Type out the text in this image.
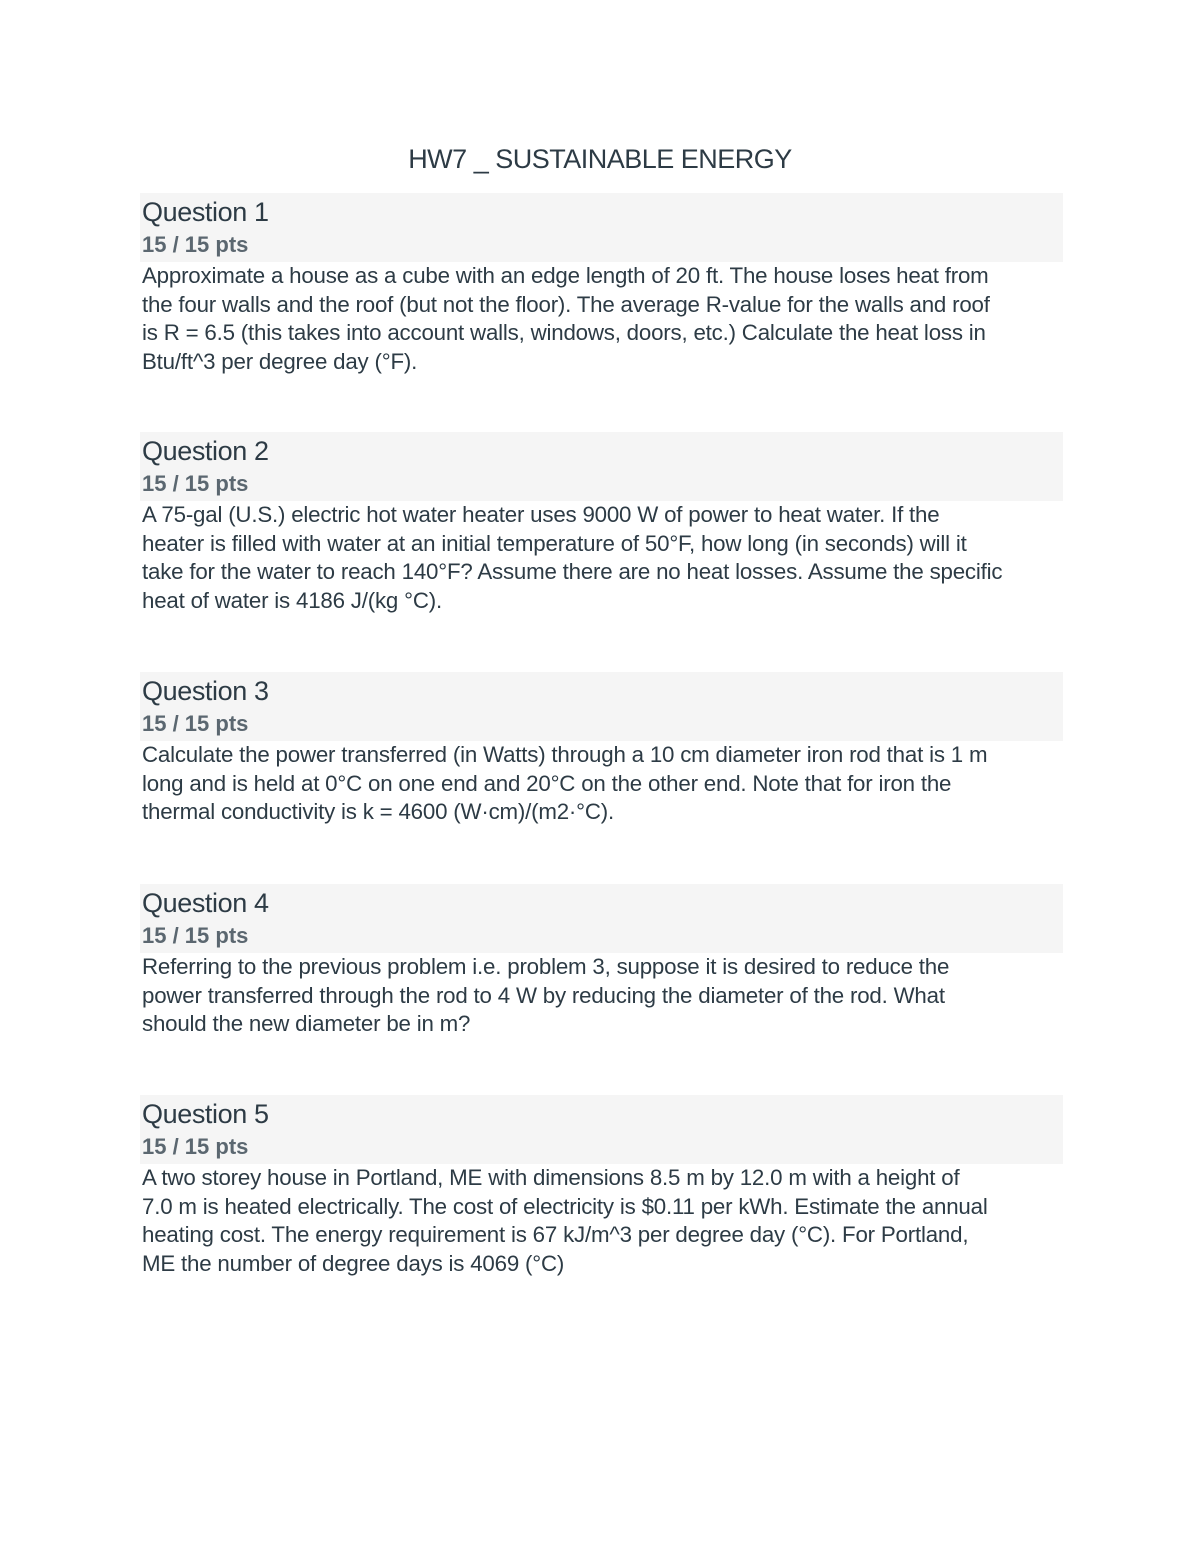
HW7 _ SUSTAINABLE ENERGY
Question 1
15 / 15 pts
Approximate a house as a cube with an edge length of 20 ft. The house loses heat from
the four walls and the roof (but not the floor). The average R-value for the walls and roof
is R = 6.5 (this takes into account walls, windows, doors, etc.) Calculate the heat loss in
Btu/ft^3 per degree day (°F).
Question 2
15 / 15 pts
A 75-gal (U.S.) electric hot water heater uses 9000 W of power to heat water. If the
heater is filled with water at an initial temperature of 50°F, how long (in seconds) will it
take for the water to reach 140°F? Assume there are no heat losses. Assume the specific
heat of water is 4186 J/(kg °C).
Question 3
15 / 15 pts
Calculate the power transferred (in Watts) through a 10 cm diameter iron rod that is 1 m
long and is held at 0°C on one end and 20°C on the other end. Note that for iron the
thermal conductivity is k = 4600 (W·cm)/(m2·°C).
Question 4
15 / 15 pts
Referring to the previous problem i.e. problem 3, suppose it is desired to reduce the
power transferred through the rod to 4 W by reducing the diameter of the rod. What
should the new diameter be in m?
Question 5
15 / 15 pts
A two storey house in Portland, ME with dimensions 8.5 m by 12.0 m with a height of
7.0 m is heated electrically. The cost of electricity is $0.11 per kWh. Estimate the annual
heating cost. The energy requirement is 67 kJ/m^3 per degree day (°C). For Portland,
ME the number of degree days is 4069 (°C)
